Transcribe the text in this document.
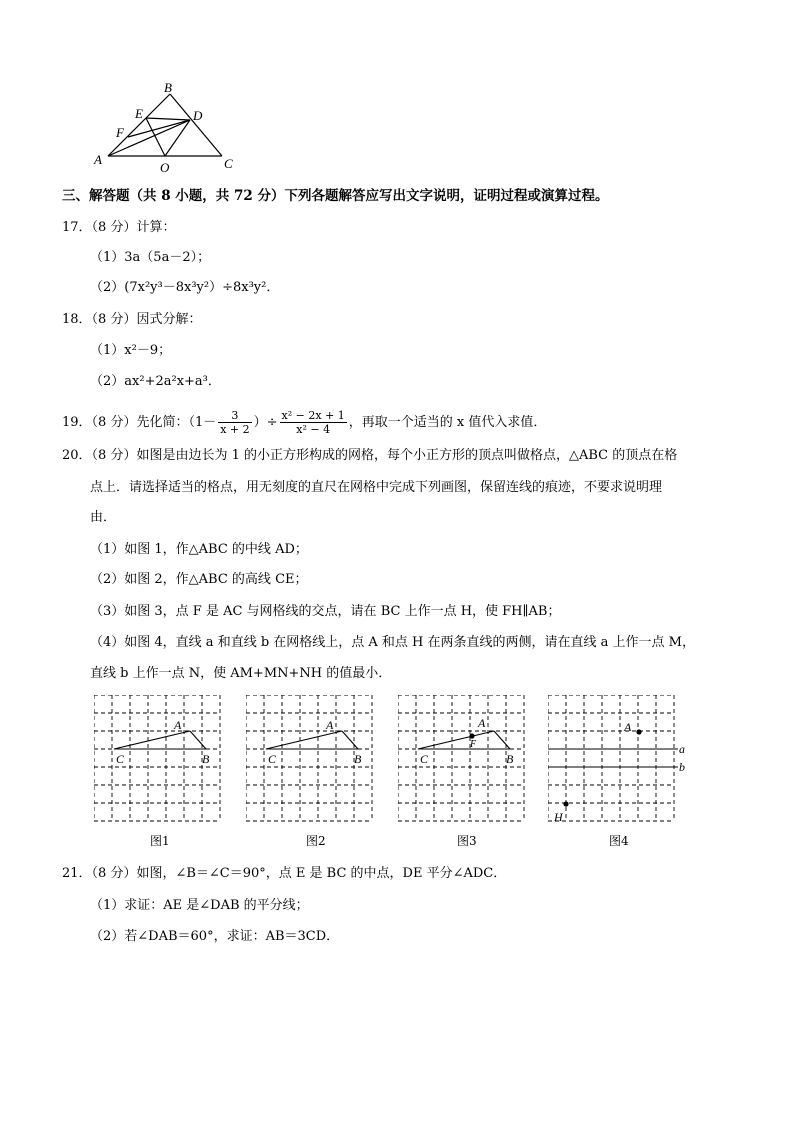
A
B
C
D
E
F
O
三、解答题（共 8 小题，共 72 分）下列各题解答应写出文字说明，证明过程或演算过程。
17．（8 分）计算：
（1）3a（5a－2）；
（2）(7x²y³－8x³y²）÷8x³y²．
18．（8 分）因式分解：
（1）x²－9；
（2）ax²+2a²x+a³．
19．（8 分）先化简：（$1- \frac{3}{x + 2}$ ）÷ $\frac{\text{x² − 2x + 1}}{\text{x² − 4}}$ ，再取一个适当的 x 值代入求值．
20．（8 分）如图是由边长为 1 的小正方形构成的网格，每个小正方形的顶点叫做格点，△ABC 的顶点在格
点上．请选择适当的格点，用无刻度的直尺在网格中完成下列画图，保留连线的痕迹，不要求说明理
由．
（1）如图 1，作△ABC 的中线 AD；
（2）如图 2，作△ABC 的高线 CE；
（3）如图 3，点 F 是 AC 与网格线的交点，请在 BC 上作一点 H，使 FH∥AB；
（4）如图 4，直线 a 和直线 b 在网格线上，点 A 和点 H 在两条直线的两侧，请在直线 a 上作一点 M，
直线 b 上作一点 N，使 AM+MN+NH 的值最小．
A
B
C
图1
A
B
C
图2
A
B
C
F
图3
A
H
a
b
图4
21．（8 分）如图，∠B＝∠C＝90°，点 E 是 BC 的中点，DE 平分∠ADC．
（1）求证：AE 是∠DAB 的平分线；
（2）若∠DAB＝60°，求证：AB＝3CD．
